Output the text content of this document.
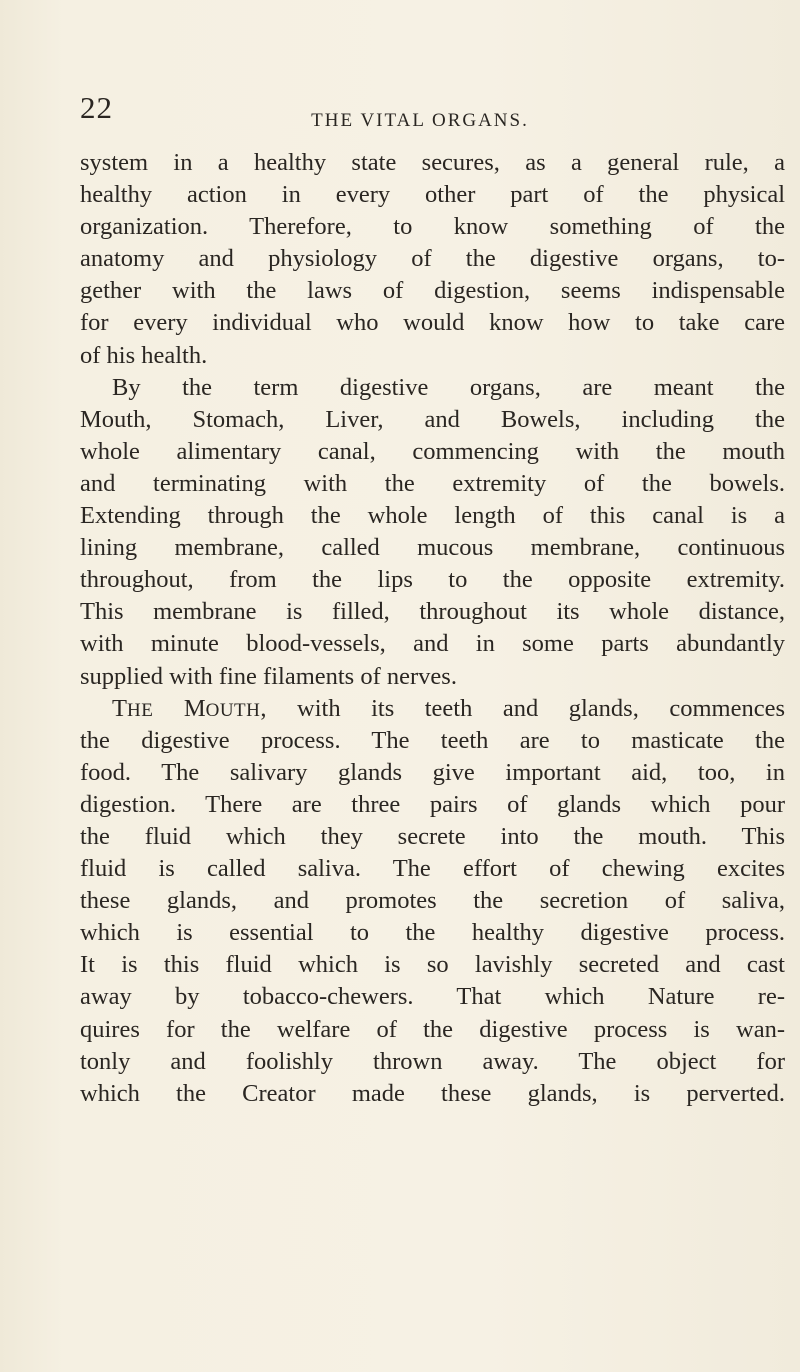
22	THE VITAL ORGANS.
system in a healthy state secures, as a general rule, a
healthy action in every other part of the physical
organization. Therefore, to know something of the
anatomy and physiology of the digestive organs, to-
gether with the laws of digestion, seems indispensable
for every individual who would know how to take care
of his health.
By the term digestive organs, are meant the
Mouth, Stomach, Liver, and Bowels, including the
whole alimentary canal, commencing with the mouth
and terminating with the extremity of the bowels.
Extending through the whole length of this canal is a
lining membrane, called mucous membrane, continuous
throughout, from the lips to the opposite extremity.
This membrane is filled, throughout its whole distance,
with minute blood-vessels, and in some parts abundantly
supplied with fine filaments of nerves.
THE MOUTH, with its teeth and glands, commences
the digestive process. The teeth are to masticate the
food. The salivary glands give important aid, too, in
digestion. There are three pairs of glands which pour
the fluid which they secrete into the mouth. This
fluid is called saliva. The effort of chewing excites
these glands, and promotes the secretion of saliva,
which is essential to the healthy digestive process.
It is this fluid which is so lavishly secreted and cast
away by tobacco-chewers. That which Nature re-
quires for the welfare of the digestive process is wan-
tonly and foolishly thrown away. The object for
which the Creator made these glands, is perverted.
